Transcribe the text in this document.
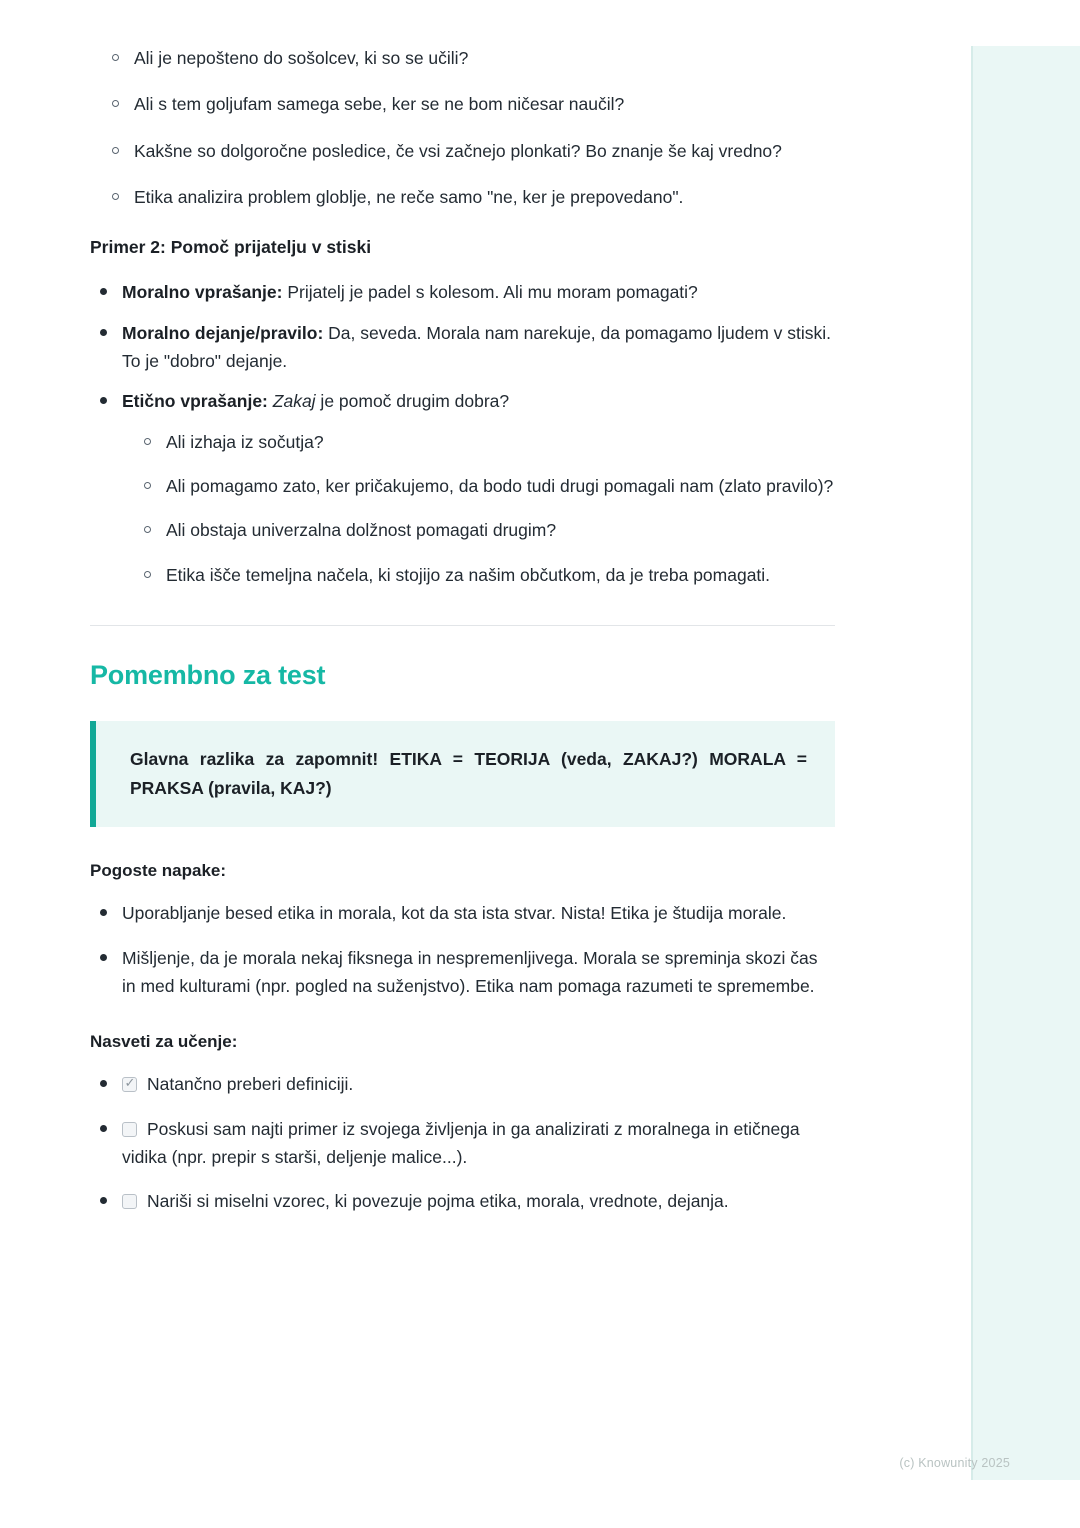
Ali je nepošteno do sošolcev, ki so se učili?
Ali s tem goljufam samega sebe, ker se ne bom ničesar naučil?
Kakšne so dolgoročne posledice, če vsi začnejo plonkati? Bo znanje še kaj vredno?
Etika analizira problem globlje, ne reče samo "ne, ker je prepovedano".
Primer 2: Pomoč prijatelju v stiski
Moralno vprašanje: Prijatelj je padel s kolesom. Ali mu moram pomagati?
Moralno dejanje/pravilo: Da, seveda. Morala nam narekuje, da pomagamo ljudem v stiski. To je "dobro" dejanje.
Etično vprašanje: Zakaj je pomoč drugim dobra?
Ali izhaja iz sočutja?
Ali pomagamo zato, ker pričakujemo, da bodo tudi drugi pomagali nam (zlato pravilo)?
Ali obstaja univerzalna dolžnost pomagati drugim?
Etika išče temeljna načela, ki stojijo za našim občutkom, da je treba pomagati.
Pomembno za test
Glavna razlika za zapomnit! ETIKA = TEORIJA (veda, ZAKAJ?) MORALA = PRAKSA (pravila, KAJ?)
Pogoste napake:
Uporabljanje besed etika in morala, kot da sta ista stvar. Nista! Etika je študija morale.
Mišljenje, da je morala nekaj fiksnega in nespremenljivega. Morala se spreminja skozi čas in med kulturami (npr. pogled na suženjstvo). Etika nam pomaga razumeti te spremembe.
Nasveti za učenje:
✓Natančno preberi definiciji.
Poskusi sam najti primer iz svojega življenja in ga analizirati z moralnega in etičnega vidika (npr. prepir s starši, deljenje malice...).
Nariši si miselni vzorec, ki povezuje pojma etika, morala, vrednote, dejanja.
(c) Knowunity 2025
